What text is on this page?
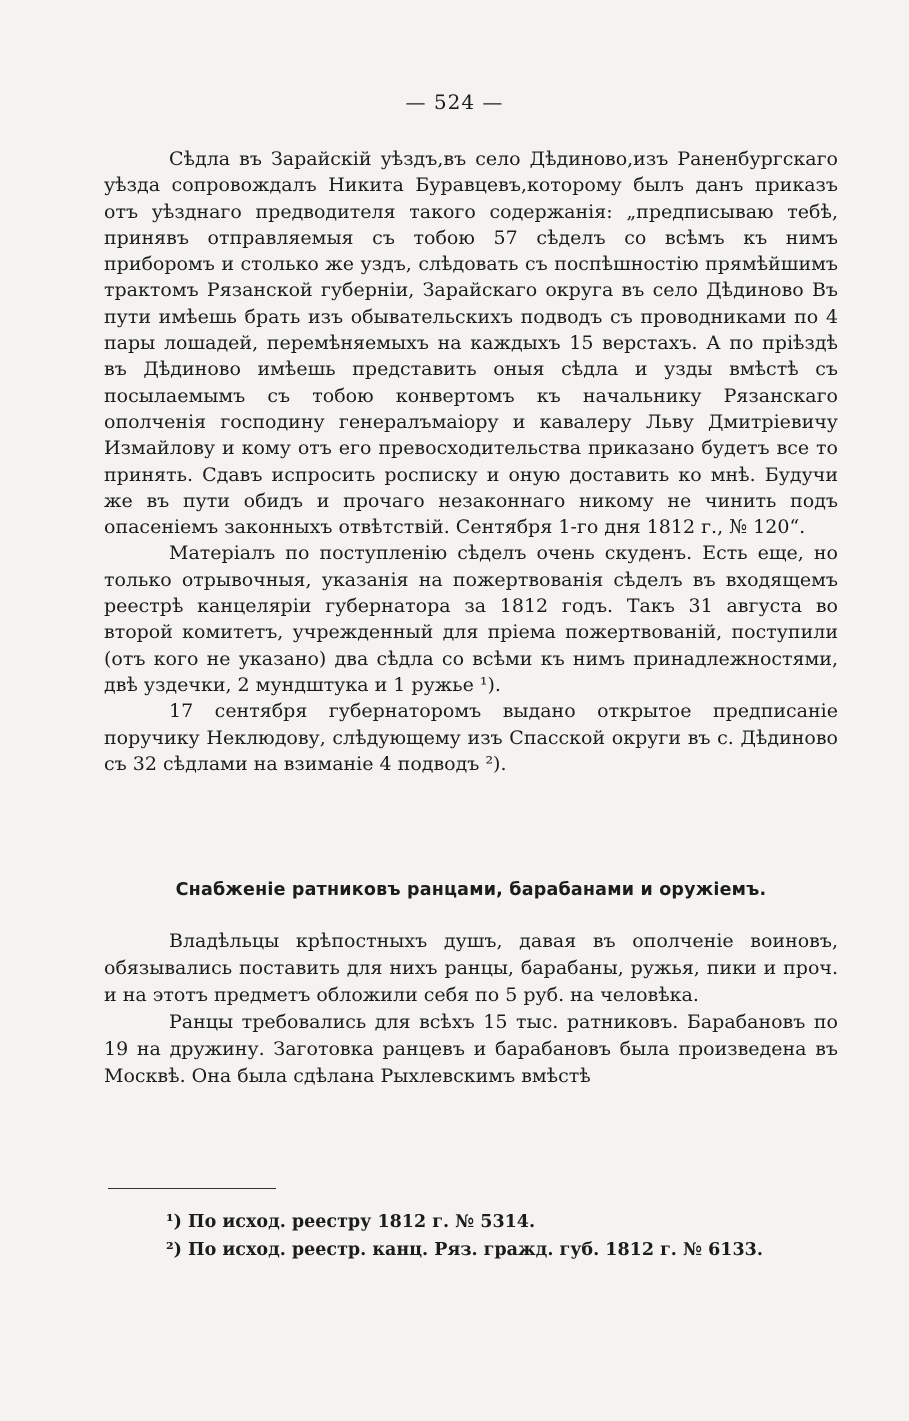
— 524 —

Сѣдла въ Зарайскій уѣздъ,въ село Дѣдиново,изъ Раненбургскаго уѣзда сопровождалъ Никита Буравцевъ,которому былъ данъ приказъ отъ уѣзднаго предводителя такого содержанія: „предписываю тебѣ, принявъ отправляемыя съ тобою 57 сѣделъ со всѣмъ къ нимъ приборомъ и столько же уздъ, слѣдовать съ поспѣшностію прямѣйшимъ трактомъ Рязанской губерніи, Зарайскаго округа въ село Дѣдиново Въ пути имѣешь брать изъ обывательскихъ подводъ съ проводниками по 4 пары лошадей, перемѣняемыхъ на каждыхъ 15 верстахъ. А по пріѣздѣ въ Дѣдиново имѣешь представить оныя сѣдла и узды вмѣстѣ съ посылаемымъ съ тобою конвертомъ къ начальнику Рязанскаго ополченія господину генералъмаіору и кавалеру Льву Дмитріевичу Измайлову и кому отъ его превосходительства приказано будетъ все то принять. Сдавъ испросить росписку и оную доставить ко мнѣ. Будучи же въ пути обидъ и прочаго незаконнаго никому не чинить подъ опасеніемъ законныхъ отвѣтствій. Сентября 1-го дня 1812 г., № 120“.

Матеріалъ по поступленію сѣделъ очень скуденъ. Есть еще, но только отрывочныя, указанія на пожертвованія сѣделъ въ входящемъ реестрѣ канцеляріи губернатора за 1812 годъ. Такъ 31 августа во второй комитетъ, учрежденный для пріема пожертвованій, поступили (отъ кого не указано) два сѣдла со всѣми къ нимъ принадлежностями, двѣ уздечки, 2 мундштука и 1 ружье ¹).

17 сентября губернаторомъ выдано открытое предписаніе поручику Неклюдову, слѣдующему изъ Спасской округи въ с. Дѣдиново съ 32 сѣдлами на взиманіе 4 подводъ ²).

Снабженіе ратниковъ ранцами, барабанами и оружіемъ.

Владѣльцы крѣпостныхъ душъ, давая въ ополченіе воиновъ, обязывались поставить для нихъ ранцы, барабаны, ружья, пики и проч. и на этотъ предметъ обложили себя по 5 руб. на человѣка.

Ранцы требовались для всѣхъ 15 тыс. ратниковъ. Барабановъ по 19 на дружину. Заготовка ранцевъ и барабановъ была произведена въ Москвѣ. Она была сдѣлана Рыхлевскимъ вмѣстѣ

¹) По исход. реестру 1812 г. № 5314.

²) По исход. реестр. канц. Ряз. гражд. губ. 1812 г. № 6133.
